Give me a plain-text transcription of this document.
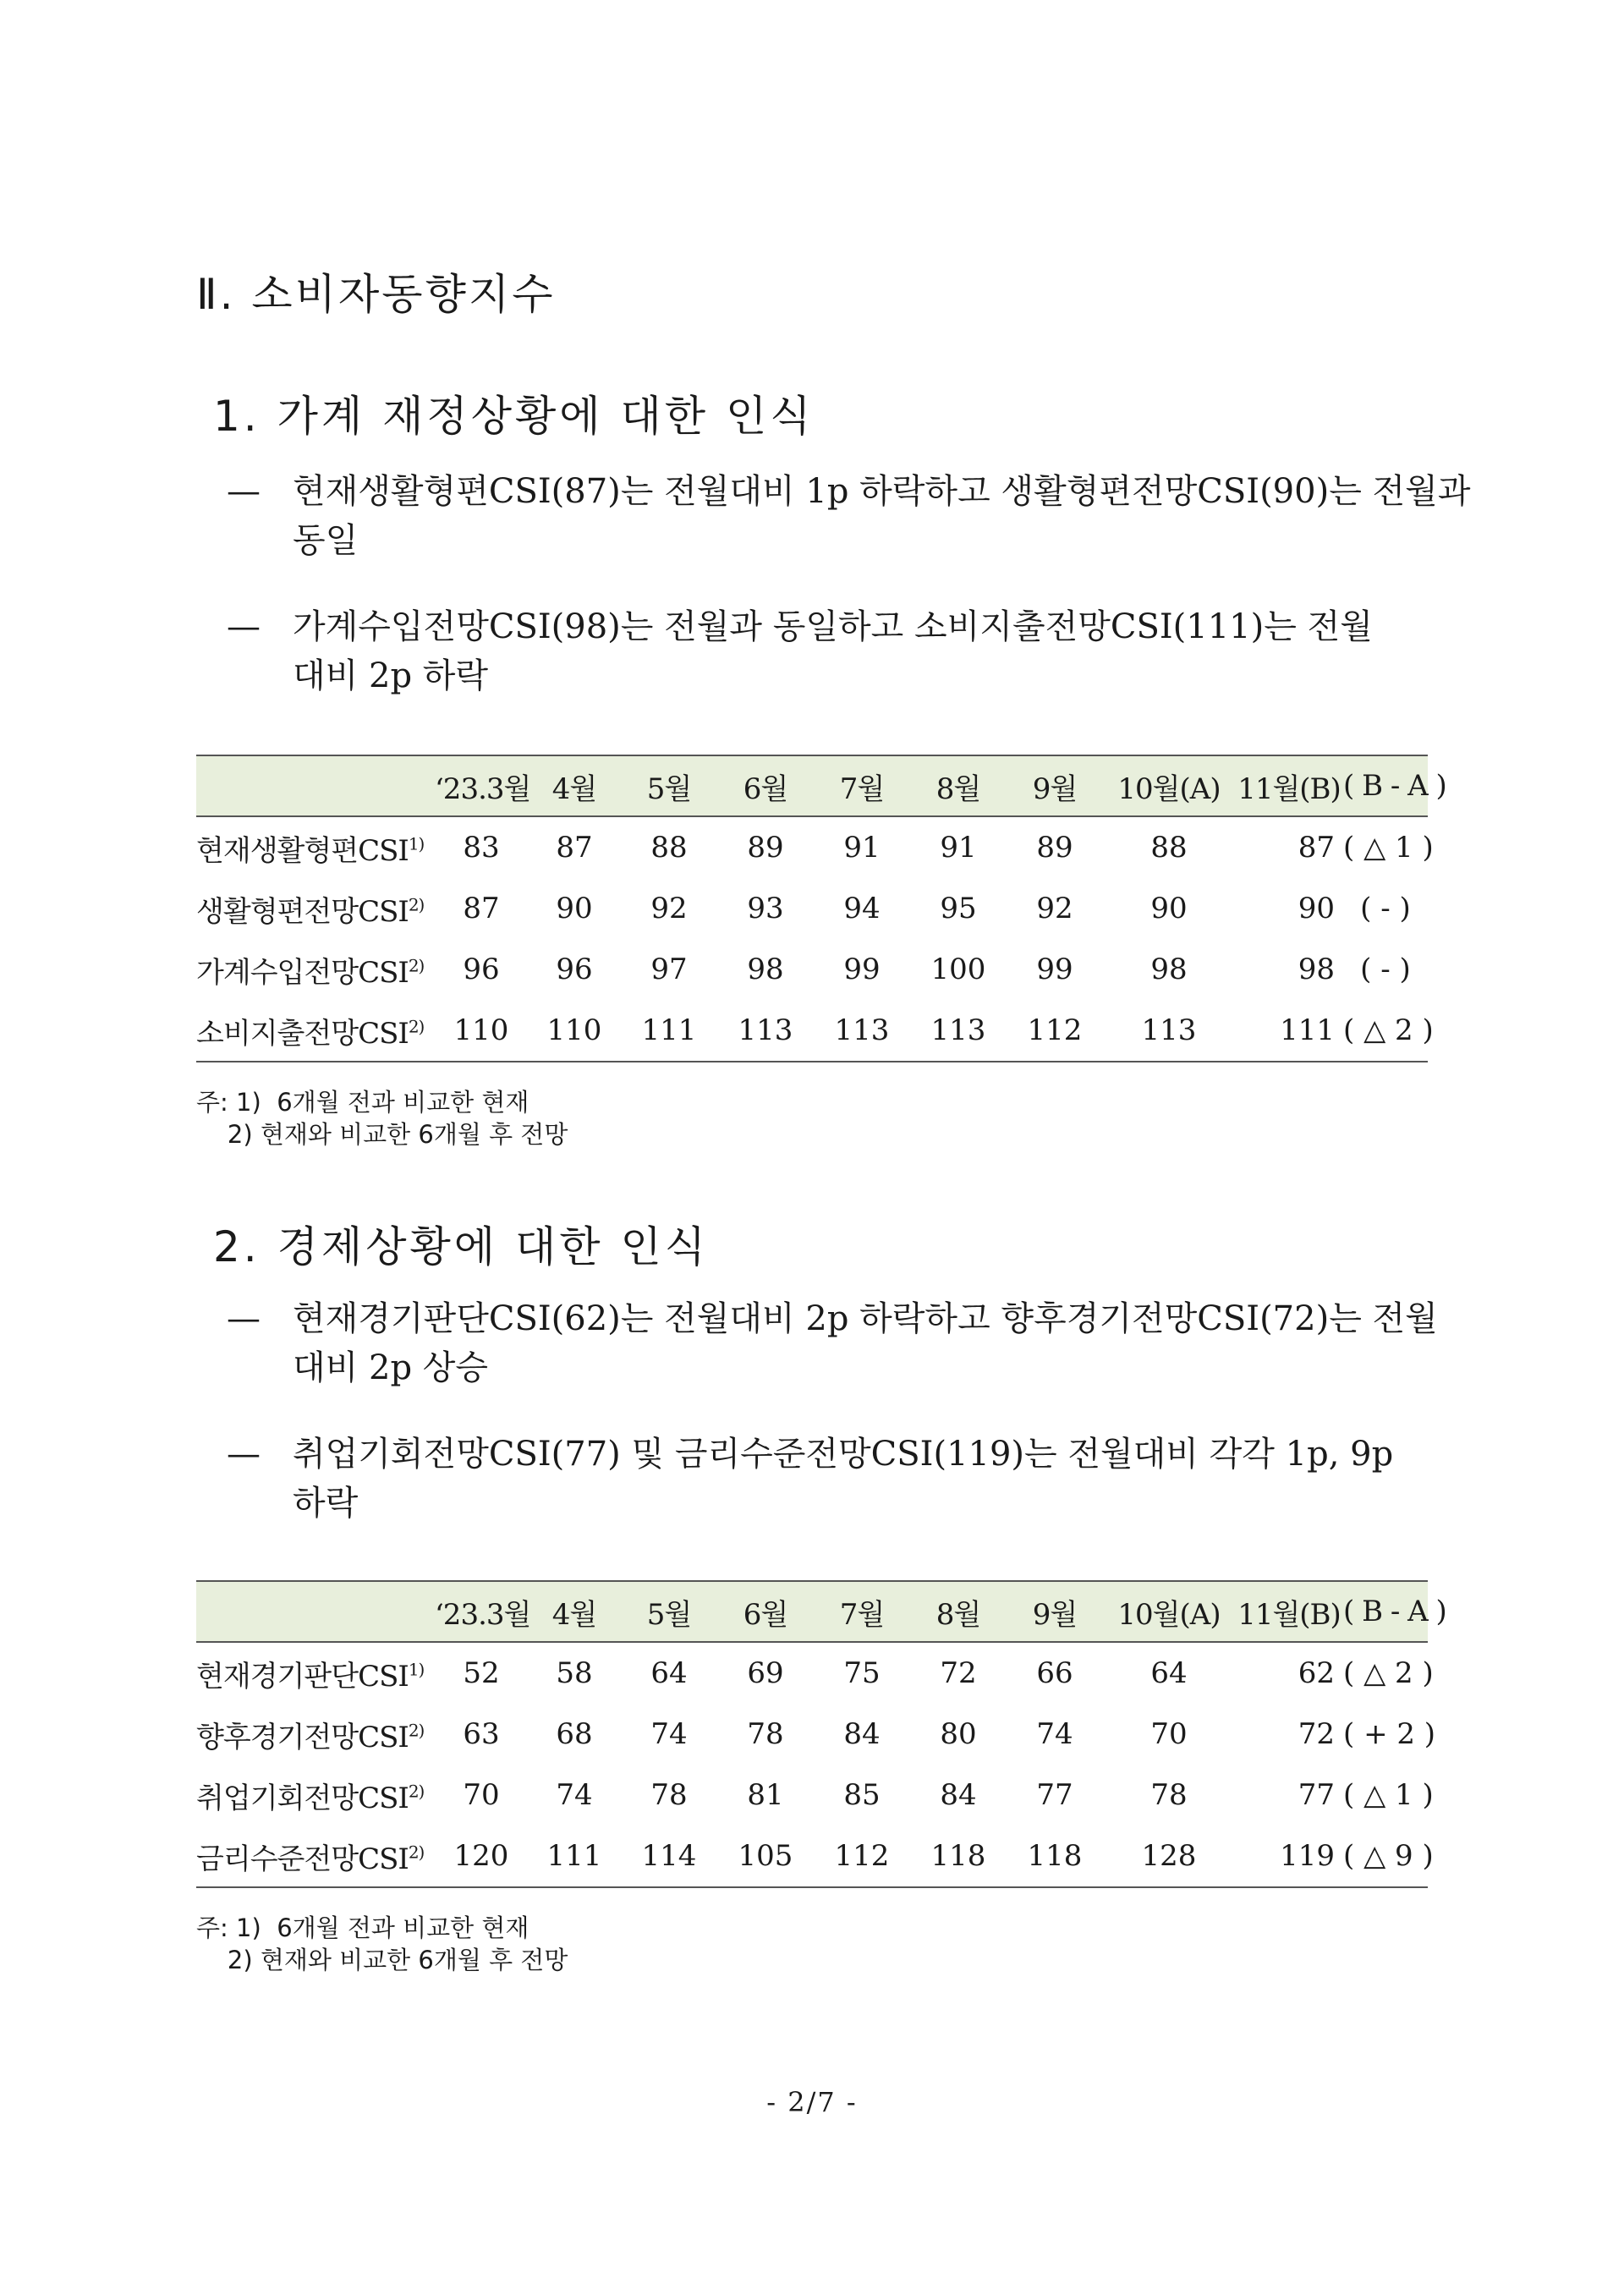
Ⅱ. 소비자동향지수
1. 가계 재정상황에 대한 인식
— 현재생활형편CSI(87)는 전월대비 1p 하락하고 생활형편전망CSI(90)는 전월과
동일
— 가계수입전망CSI(98)는 전월과 동일하고 소비지출전망CSI(111)는 전월
대비 2p 하락
	‘23.3월	4월	5월	6월	7월	8월	9월	10월(A)	11월(B)	( B - A )
현재생활형편CSI$^{1)}$	83	87	88	89	91	91	89	88	87	( △ 1 )
생활형편전망CSI$^{2)}$	87	90	92	93	94	95	92	90	90	( - )
가계수입전망CSI$^{2)}$	96	96	97	98	99	100	99	98	98	( - )
소비지출전망CSI$^{2)}$	110	110	111	113	113	113	112	113	111	( △ 2 )
주: 1)  6개월 전과 비교한 현재
2) 현재와 비교한 6개월 후 전망
2. 경제상황에 대한 인식
— 현재경기판단CSI(62)는 전월대비 2p 하락하고 향후경기전망CSI(72)는 전월
대비 2p 상승
— 취업기회전망CSI(77) 및 금리수준전망CSI(119)는 전월대비 각각 1p, 9p
하락
	‘23.3월	4월	5월	6월	7월	8월	9월	10월(A)	11월(B)	( B - A )
현재경기판단CSI$^{1)}$	52	58	64	69	75	72	66	64	62	( △ 2 )
향후경기전망CSI$^{2)}$	63	68	74	78	84	80	74	70	72	( + 2 )
취업기회전망CSI$^{2)}$	70	74	78	81	85	84	77	78	77	( △ 1 )
금리수준전망CSI$^{2)}$	120	111	114	105	112	118	118	128	119	( △ 9 )
주: 1)  6개월 전과 비교한 현재
2) 현재와 비교한 6개월 후 전망
- 2/7 -
